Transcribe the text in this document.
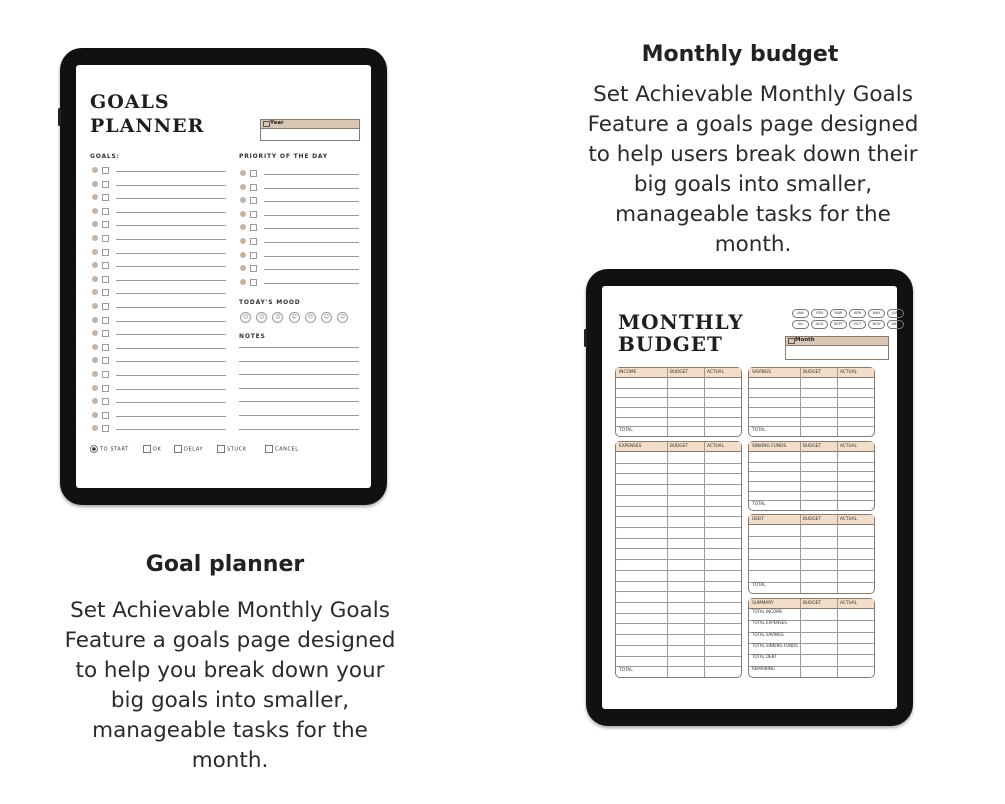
Monthly budget
Set Achievable Monthly Goals
Feature a goals page designed
to help users break down their
big goals into smaller,
manageable tasks for the
month.
Goal planner
Set Achievable Monthly Goals
Feature a goals page designed
to help you break down your
big goals into smaller,
manageable tasks for the
month.
GOALS
PLANNER	Year
GOALS:	PRIORITY OF THE DAY
TODAY'S MOOD
NOTES
☺	☺	☺	☺	☹	☺	☺
TO START	OK	DELAY	STUCK	CANCEL
MONTHLY
BUDGET
JAN	FEB	MAR	APR	MAY	JUN
JUL	AUG	SEPT	OCT	NOV	DEC
Month
INCOME	BUDGET	ACTUAL
TOTAL
SAVINGS	BUDGET	ACTUAL
TOTAL
EXPENSES	BUDGET	ACTUAL
TOTAL
SINKING FUNDS	BUDGET	ACTUAL
TOTAL
DEBT	BUDGET	ACTUAL
TOTAL
SUMMARY	BUDGET	ACTUAL
TOTAL INCOME
TOTAL EXPENSES
TOTAL SAVINGS
TOTAL SINKING FUNDS
TOTAL DEBT
REMAINING
